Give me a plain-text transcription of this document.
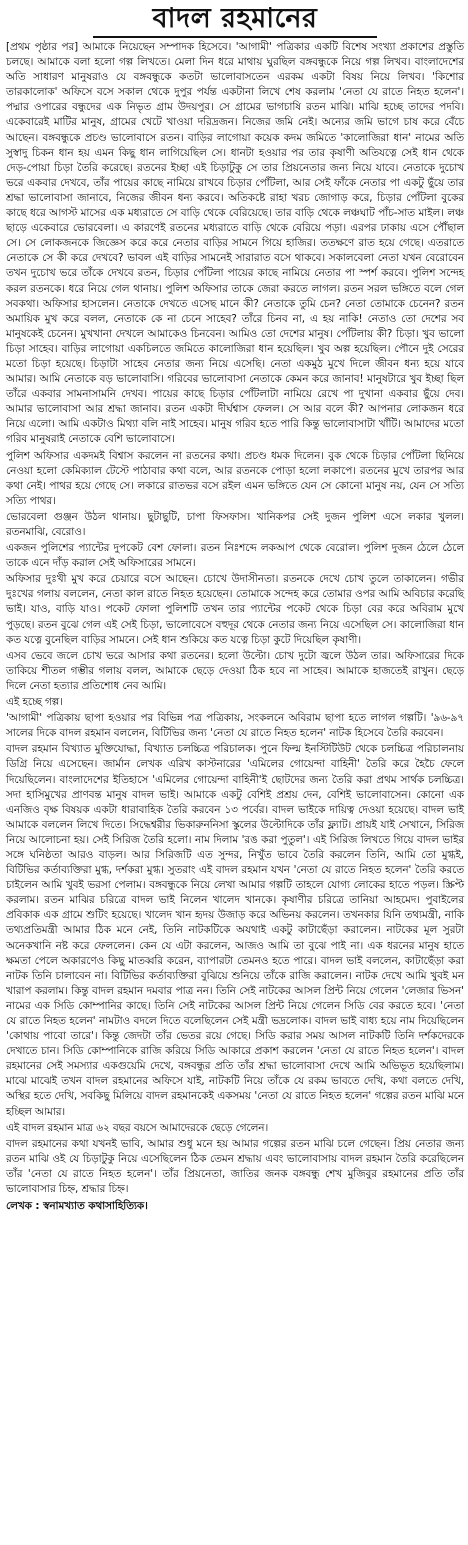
বাদল রহমানের

[প্রথম পৃষ্ঠার পর] আমাকে নিয়েছেন সম্পাদক হিসেবে। 'আগামী' পত্রিকার একটি বিশেষ সংখ্যা প্রকাশের প্রস্তুতি চলছে। আমাকে বলা হলো গল্প লিখতে। মেলা দিন ধরে মাথায় ঘুরছিল বঙ্গবন্ধুকে নিয়ে গল্প লিখব। বাংলাদেশের অতি সাধারণ মানুষরাও যে বঙ্গবন্ধুকে কতটা ভালোবাসতেন এরকম একটা বিষয় নিয়ে লিখব। 'কিশোর তারকালোক' অফিসে বসে সকাল থেকে দুপুর পর্যন্ত একটানা লিখে শেষ করলাম 'নেতা যে রাতে নিহত হলেন'। পদ্মার ওপারের বন্ধুদের এক নিভৃত গ্রাম উদয়পুর। সে গ্রামের ভাগচাষি রতন মাঝি। মাঝি হচ্ছে তাদের পদবি। একেবারেই মাটির মানুষ, গ্রামের খেটে খাওয়া দরিদ্রজন। নিজের জমি নেই। অন্যের জমি ভাগে চাষ করে বেঁচে আছেন। বঙ্গবন্ধুকে প্রচণ্ড ভালোবাসে রতন। বাড়ির লাগোয়া কয়েক কদম জমিতে 'কালোজিরা ধান' নামের অতি সুস্বাদু চিকন ধান হয় এমন কিছু ধান লাগিয়েছিল সে। ধানটা হওয়ার পর তার কৃষাণী অতিযত্নে সেই ধান থেকে দেড়-পোয়া চিড়া তৈরি করেছে। রতনের ইচ্ছা এই চিড়াটুকু সে তার প্রিয়নেতার জন্য নিয়ে যাবে। নেতাকে দুচোখ ভরে একবার দেখবে, তাঁর পায়ের কাছে নামিয়ে রাখবে চিড়ার পোঁটলা, আর সেই ফাঁকে নেতার পা একটু ছুঁয়ে তার শ্রদ্ধা ভালোবাসা জানাবে, নিজের জীবন ধন্য করবে। অতিকষ্টে রাহা খরচ জোগাড় করে, চিড়ার পোঁটলা বুকের কাছে ধরে আগস্ট মাসের এক মধ্যরাতে সে বাড়ি থেকে বেরিয়েছে। তার বাড়ি থেকে লঞ্চঘাট পাঁচ-সাত মাইল। লঞ্চ ছাড়ে একেবারে ভোরবেলা। এ কারণেই রতনের মধ্যরাতে বাড়ি থেকে বেরিয়ে পড়া। এরপর ঢাকায় এসে পৌঁছাল সে। সে লোকজনকে জিজ্ঞেস করে করে নেতার বাড়ির সামনে গিয়ে হাজির। ততক্ষণে রাত হয়ে গেছে। এতরাতে নেতাকে সে কী করে দেখবে? ভাবল এই বাড়ির সামনেই সারারাত বসে থাকবে। সকালবেলা নেতা যখন বেরোবেন তখন দুচোখ ভরে তাঁকে দেখবে রতন, চিড়ার পোঁটলা পায়ের কাছে নামিয়ে নেতার পা স্পর্শ করবে। পুলিশ সন্দেহ করল রতনকে। ধরে নিয়ে গেল থানায়। পুলিশ অফিসার তাকে জেরা করতে লাগল। রতন সরল ভঙ্গিতে বলে গেল সবকথা। অফিসার হাসলেন। নেতাকে দেখতে এসেছ মানে কী? নেতাকে তুমি চেন? নেতা তোমাকে চেনেন? রতন অমায়িক মুখ করে বলল, নেতাকে কে না চেনে সাহেব? তাঁরে চিনব না, এ হয় নাকি! নেতাও তো দেশের সব মানুষকেই চেনেন। মুখখানা দেখলে আমাকেও চিনবেন। আমিও তো দেশের মানুষ। পোঁটলায় কী? চিড়া। খুব ভালো চিড়া সাহেব। বাড়ির লাগোয়া একচিলতে জমিতে কালোজিরা ধান হয়েছিল। খুব অল্প হয়েছিল। পৌনে দুই সেরের মতো চিড়া হয়েছে। চিড়াটা সাহেব নেতার জন্য নিয়ে এসেছি। নেতা একমুঠ মুখে দিলে জীবন ধন্য হয়ে যাবে আমার। আমি নেতাকে বড় ভালোবাসি। গরিবের ভালোবাসা নেতাকে কেমন করে জানাব! মানুষটারে খুব ইচ্ছা ছিল তাঁরে একবার সামনাসামনি দেখব। পায়ের কাছে চিড়ার পোঁটলাটা নামিয়ে রেখে পা দুখানা একবার ছুঁয়ে দেব। আমার ভালোবাসা আর শ্রদ্ধা জানাব। রতন একটা দীর্ঘশ্বাস ফেলল। সে আর বলে কী? আপনার লোকজন ধরে নিয়ে এলো। আমি একটাও মিথ্যা বলি নাই সাহেব। মানুষ গরিব হতে পারি কিন্তু ভালোবাসাটা খাঁটি। আমাদের মতো গরিব মানুষরাই নেতাকে বেশি ভালোবাসে।

পুলিশ অফিসার একদমই বিশ্বাস করলেন না রতনের কথা। প্রচণ্ড ধমক দিলেন। বুক থেকে চিড়ার পোঁটলা ছিনিয়ে নেওয়া হলো কেমিক্যাল টেস্টে পাঠাবার কথা বলে, আর রতনকে পোড়া হলো লকাপে। রতনের মুখে তারপর আর কথা নেই। পাথর হয়ে গেছে সে। লকারে রাতভর বসে রইল এমন ভঙ্গিতে যেন সে কোনো মানুষ নয়, যেন সে সত্যি সত্যি পাথর।

ভোরবেলা গুঞ্জন উঠল থানায়। ছুটাছুটি, চাপা ফিসফাস। খানিকপর সেই দুজন পুলিশ এসে লকার খুলল। রতনমাঝি, বেরোও।

একজন পুলিশের প্যান্টের দুপকেট বেশ ফোলা। রতন নিঃশব্দে লকআপ থেকে বেরোল। পুলিশ দুজন ঠেলে ঠেলে তাকে এনে দাঁড় করাল সেই অফিসারের সামনে।

অফিসার দুঃখী মুখ করে চেয়ারে বসে আছেন। চোখে উদাসীনতা। রতনকে দেখে চোখ তুলে তাকালেন। গভীর দুঃখের গলায় বললেন, নেতা কাল রাতে নিহত হয়েছেন। তোমাকে সন্দেহ করে তোমার ওপর আমি অবিচার করেছি ভাই। যাও, বাড়ি যাও। পকেট ফোলা পুলিশটি তখন তার প্যান্টের পকেট থেকে চিড়া বের করে অবিরাম মুখে পুড়ছে। রতন বুঝে গেল এই সেই চিড়া, ভালোবেসে বহুদূর থেকে নেতার জন্য নিয়ে এসেছিল সে। কালোজিরা ধান কত যত্নে বুনেছিল বাড়ির সামনে। সেই ধান শুকিয়ে কত যত্নে চিড়া কুটে দিয়েছিল কৃষাণী।

এসব ভেবে জলে চোখ ভরে আসার কথা রতনের। হলো উল্টো। চোখ দুটো জ্বলে উঠল তার। অফিসারের দিকে তাকিয়ে শীতল গম্ভীর গলায় বলল, আমাকে ছেড়ে দেওয়া ঠিক হবে না সাহেব। আমাকে হাজতেই রাখুন। ছেড়ে দিলে নেতা হত্যার প্রতিশোধ নেব আমি।

এই হচ্ছে গল্প।

'আগামী' পত্রিকায় ছাপা হওয়ার পর বিভিন্ন পত্র পত্রিকায়, সংকলনে অবিরাম ছাপা হতে লাগল গল্পটি। '৯৬-৯৭ সালের দিকে বাদল রহমান বললেন, বিটিভির জন্য 'নেতা যে রাতে নিহত হলেন' নাটক হিসেবে তৈরি করবেন।

বাদল রহমান বিখ্যাত মুক্তিযোদ্ধা, বিখ্যাত চলচ্চিত্র পরিচালক। পুনে ফিল্ম ইনস্টিটিউট থেকে চলচ্চিত্র পরিচালনায় ডিগ্রি নিয়ে এসেছেন। জার্মান লেখক এরিখ কাস্টনারের 'এমিলের গোয়েন্দা বাহিনী' তৈরি করে হৈচৈ ফেলে দিয়েছিলেন। বাংলাদেশের ইতিহাসে 'এমিলের গোয়েন্দা বাহিনী'ই ছোটদের জন্য তৈরি করা প্রথম সার্থক চলচ্চিত্র। সদা হাসিমুখের প্রাণবন্ত মানুষ বাদল ভাই। আমাকে একটু বেশিই প্রশ্রয় দেন, বেশিই ভালোবাসেন। কোনো এক এনজিও বৃক্ষ বিষয়ক একটা ধারাবাহিক তৈরি করবেন ১৩ পর্বের। বাদল ভাইকে দায়িত্ব দেওয়া হয়েছে। বাদল ভাই আমাকে বললেন লিখে দিতে। সিদ্ধেশ্বরীর ভিকারুননিসা স্কুলের উল্টোদিকে তাঁর ফ্ল্যাট। প্রায়ই যাই সেখানে, সিরিজ নিয়ে আলোচনা হয়। সেই সিরিজ তৈরি হলো। নাম দিলাম 'রঙ করা পুতুল'। এই সিরিজ লিখতে গিয়ে বাদল ভাইর সঙ্গে ঘনিষ্ঠতা আরও বাড়ল। আর সিরিজটি এত সুন্দর, নিখুঁত ভাবে তৈরি করলেন তিনি, আমি তো মুগ্ধই, বিটিভির কর্তাব্যক্তিরা মুগ্ধ, দর্শকরা মুগ্ধ। সুতরাং এই বাদল রহমান যখন 'নেতা যে রাতে নিহত হলেন' তৈরি করতে চাইলেন আমি খুবই ভরসা পেলাম। বঙ্গবন্ধুকে নিয়ে লেখা আমার গল্পটি তাহলে যোগ্য লোকের হাতে পড়ল। স্ক্রিপ্ট করলাম। রতন মাঝির চরিত্রে বাদল ভাই নিলেন খালেদ খানকে। কৃষাণীর চরিত্রে তানিয়া আহমেদ। পুবাইলের প্রবিকাক এক গ্রামে শুটিং হয়েছে। খালেদ খান হৃদয় উজাড় করে অভিনয় করলেন। তখনকার যিনি তথ্যমন্ত্রী, নাকি তথ্যপ্রতিমন্ত্রী আমার ঠিক মনে নেই, তিনি নাটকটিকে অযথাই একটু কাটাছেঁড়া করালেন। নাটকের মূল সুরটা অনেকখানি নষ্ট করে ফেললেন। কেন যে এটা করলেন, আজও আমি তা বুঝে পাই না। এক ধরনের মানুষ হাতে ক্ষমতা পেলে অকারণেও কিছু মাতব্বরি করেন, ব্যাপারটা তেমনও হতে পারে। বাদল ভাই বললেন, কাটাছেঁড়া করা নাটক তিনি চালাবেন না। বিটিভির কর্তাব্যক্তিরা বুঝিয়ে শুনিয়ে তাঁকে রাজি করালেন। নাটক দেখে আমি খুবই মন খারাপ করলাম। কিন্তু বাদল রহমান দমবার পাত্র নন। তিনি সেই নাটকের আসল প্রিন্ট নিয়ে গেলেন 'লেজার ভিসন' নামের এক সিডি কোম্পানির কাছে। তিনি সেই নাটকের আসল প্রিন্ট নিয়ে গেলেন সিডি বের করতে হবে। 'নেতা যে রাতে নিহত হলেন' নামটাও বদলে দিতে বলেছিলেন সেই মন্ত্রী ভদ্রলোক। বাদল ভাই বাধ্য হয়ে নাম দিয়েছিলেন 'কোথায় পাবো তারে'। কিন্তু জেদটা তাঁর ভেতর রয়ে গেছে। সিডি করার সময় আসল নাটকটি তিনি দর্শকদেরকে দেখাতে চান। সিডি কোম্পানিকে রাজি করিয়ে সিডি আকারে প্রকাশ করলেন 'নেতা যে রাতে নিহত হলেন'। বাদল রহমানের সেই সমস্যার একগুয়েমি দেখে, বঙ্গবন্ধুর প্রতি তাঁর শ্রদ্ধা ভালোবাসা দেখে আমি অভিভূত হয়েছিলাম। মাঝে মাঝেই তখন বাদল রহমানের অফিসে যাই, নাটকটি নিয়ে তাঁকে যে রকম ভাবতে দেখি, কথা বলতে দেখি, অস্থির হতে দেখি, সবকিছু মিলিয়ে বাদল রহমানকেই একসময় 'নেতা যে রাতে নিহত হলেন' গল্পের রতন মাঝি মনে হচ্ছিল আমার।

এই বাদল রহমান মাত্র ৬২ বছর বয়সে আমাদেরকে ছেড়ে গেলেন।

বাদল রহমানের কথা যখনই ভাবি, আমার শুধু মনে হয় আমার গল্পের রতন মাঝি চলে গেছেন। প্রিয় নেতার জন্য রতন মাঝি ওই যে চিড়াটুকু নিয়ে এসেছিলেন ঠিক তেমন শ্রদ্ধায় এবং ভালোবাসায় বাদল রহমান তৈরি করেছিলেন তাঁর 'নেতা যে রাতে নিহত হলেন'। তাঁর প্রিয়নেতা, জাতির জনক বঙ্গবন্ধু শেখ মুজিবুর রহমানের প্রতি তাঁর ভালোবাসার চিহ্ন, শ্রদ্ধার চিহ্ন।

লেখক : স্বনামখ্যাত কথাসাহিত্যিক।
